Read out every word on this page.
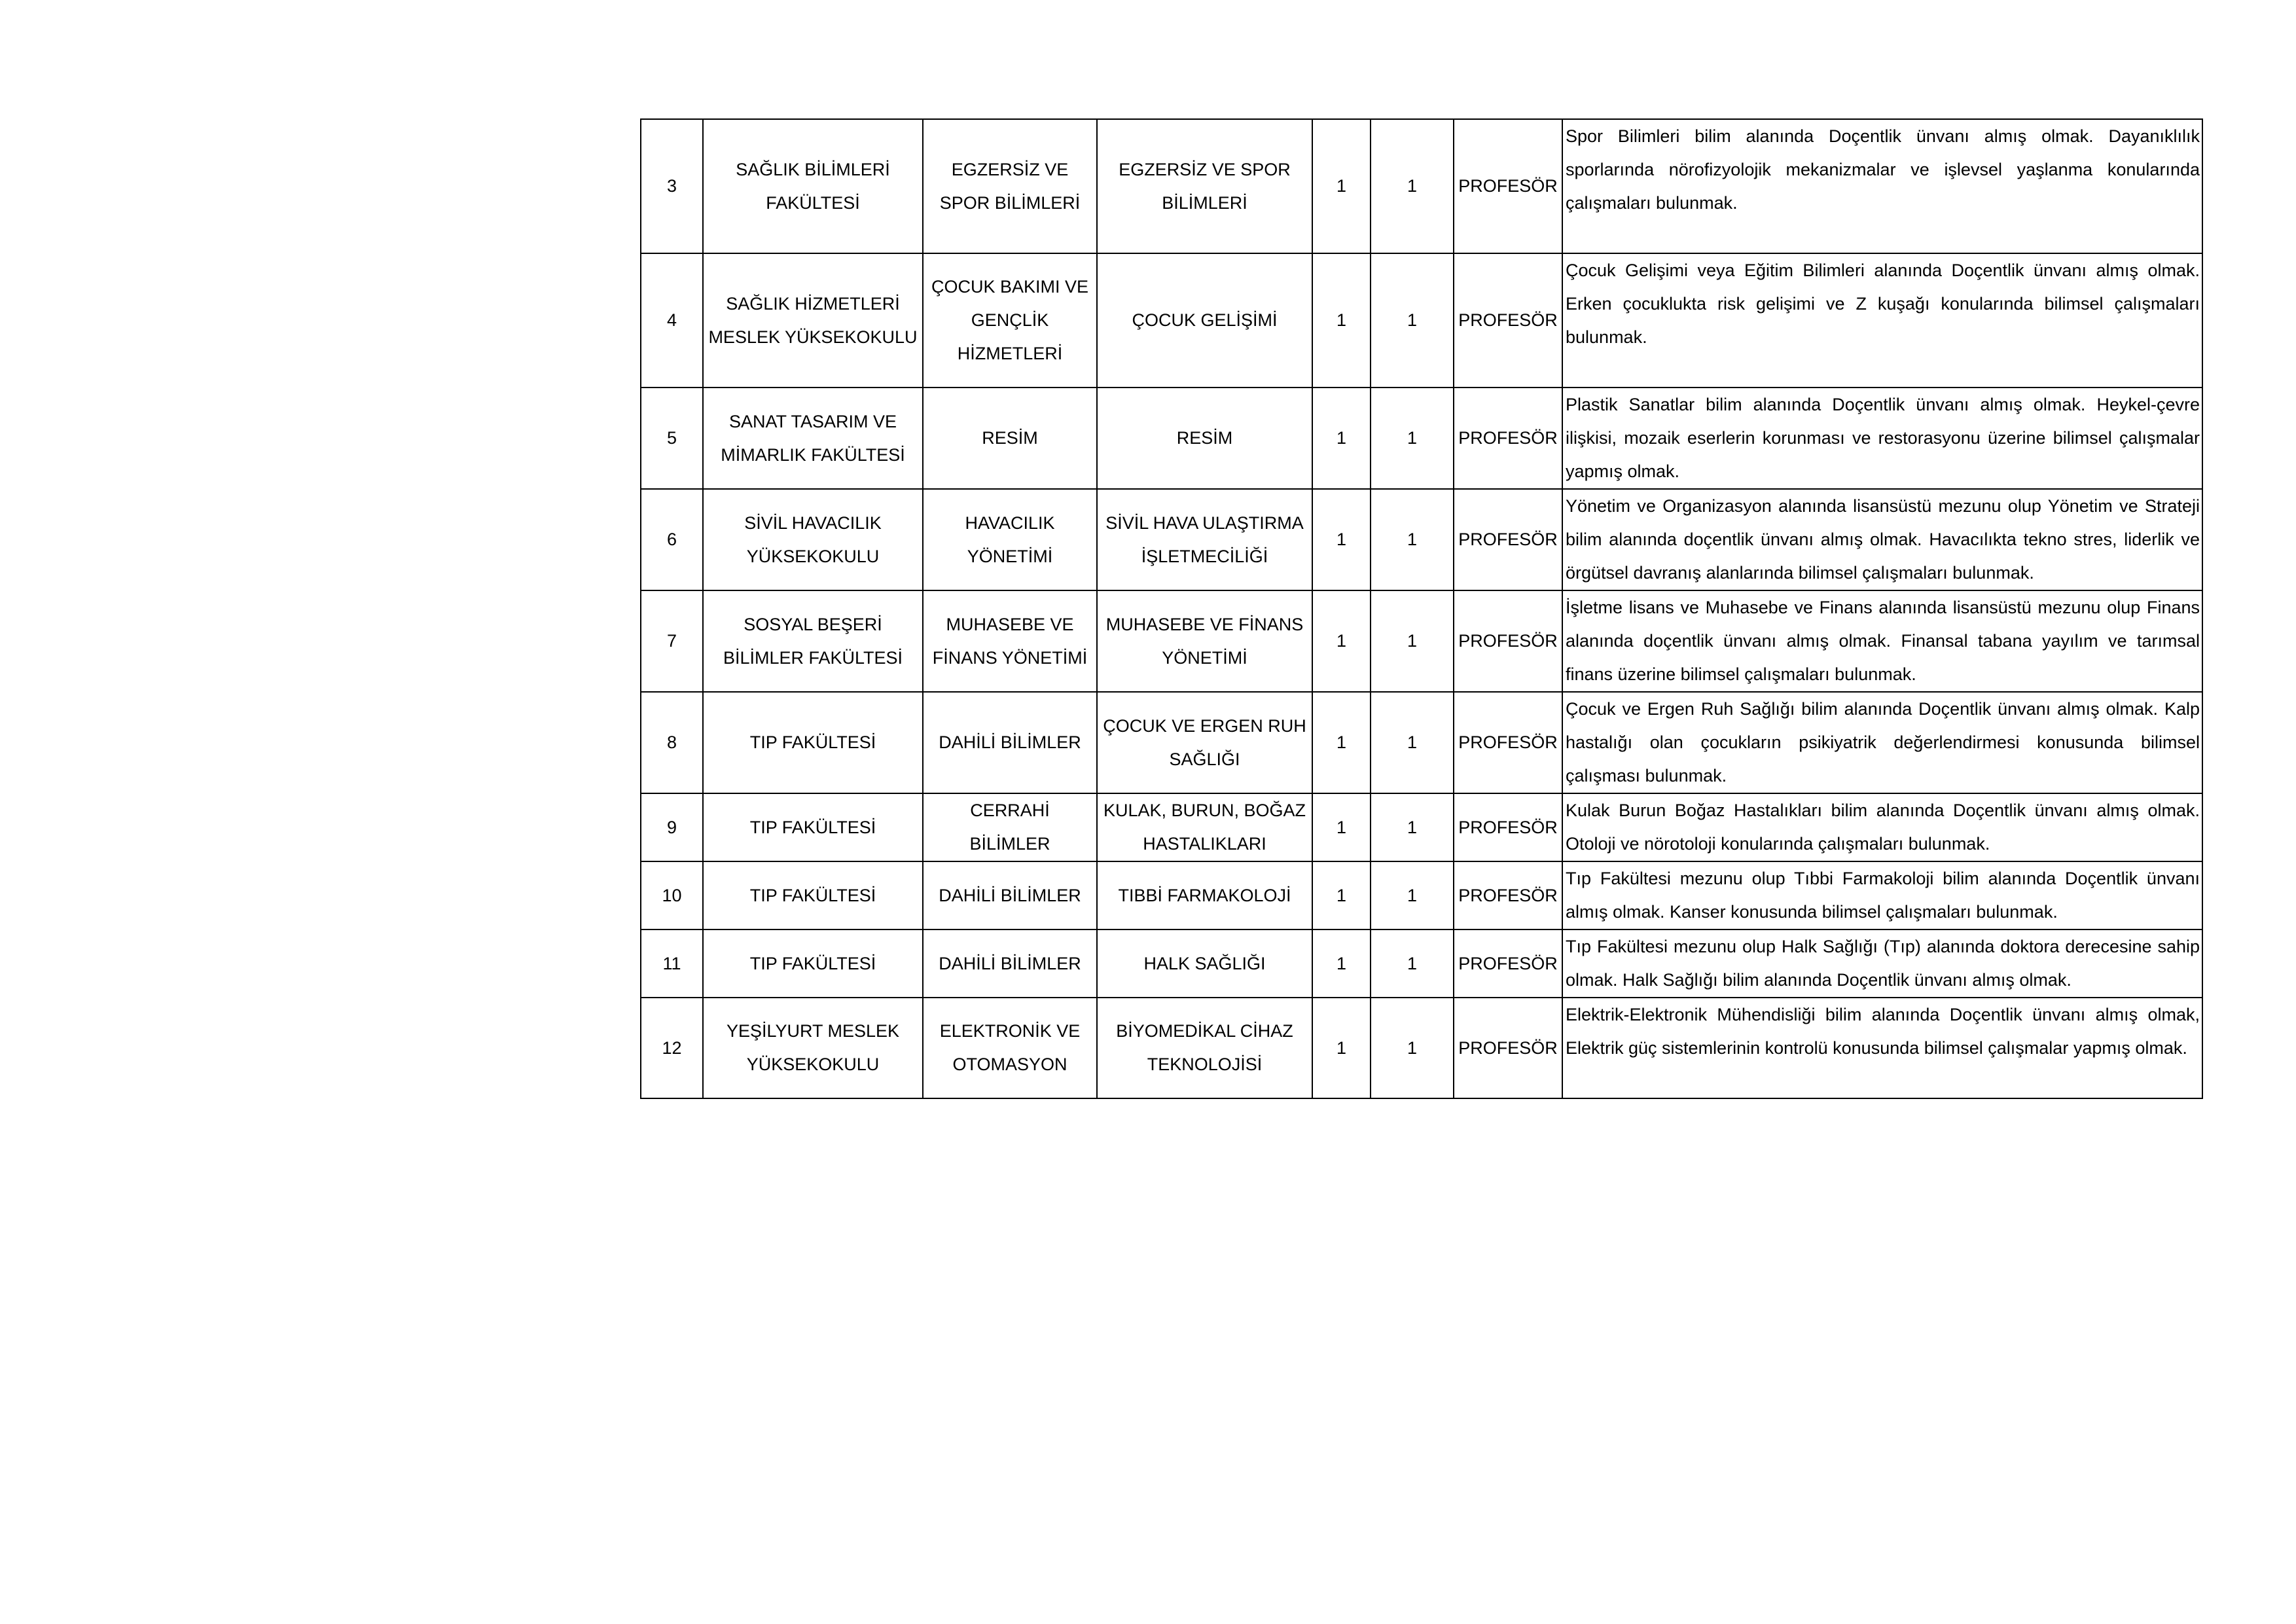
3	SAĞLIK BİLİMLERİ FAKÜLTESİ	EGZERSİZ VE SPOR BİLİMLERİ	EGZERSİZ VE SPOR BİLİMLERİ	1	1	PROFESÖR	Spor Bilimleri bilim alanında Doçentlik ünvanı almış olmak. Dayanıklılık sporlarında nörofizyolojik mekanizmalar ve işlevsel yaşlanma konularında çalışmaları bulunmak.

4	SAĞLIK HİZMETLERİ MESLEK YÜKSEKOKULU	ÇOCUK BAKIMI VE GENÇLİK HİZMETLERİ	ÇOCUK GELİŞİMİ	1	1	PROFESÖR	Çocuk Gelişimi veya Eğitim Bilimleri alanında Doçentlik ünvanı almış olmak. Erken çocuklukta risk gelişimi ve Z kuşağı konularında bilimsel çalışmaları bulunmak.

5	SANAT TASARIM VE MİMARLIK FAKÜLTESİ	RESİM	RESİM	1	1	PROFESÖR	Plastik Sanatlar bilim alanında Doçentlik ünvanı almış olmak. Heykel-çevre ilişkisi, mozaik eserlerin korunması ve restorasyonu üzerine bilimsel çalışmalar yapmış olmak.

6	SİVİL HAVACILIK YÜKSEKOKULU	HAVACILIK YÖNETİMİ	SİVİL HAVA ULAŞTIRMA İŞLETMECİLİĞİ	1	1	PROFESÖR	Yönetim ve Organizasyon alanında lisansüstü mezunu olup Yönetim ve Strateji bilim alanında doçentlik ünvanı almış olmak. Havacılıkta tekno stres, liderlik ve örgütsel davranış alanlarında bilimsel çalışmaları bulunmak.

7	SOSYAL BEŞERİ BİLİMLER FAKÜLTESİ	MUHASEBE VE FİNANS YÖNETİMİ	MUHASEBE VE FİNANS YÖNETİMİ	1	1	PROFESÖR	İşletme lisans ve Muhasebe ve Finans alanında lisansüstü mezunu olup Finans alanında doçentlik ünvanı almış olmak. Finansal tabana yayılım ve tarımsal finans üzerine bilimsel çalışmaları bulunmak.

8	TIP FAKÜLTESİ	DAHİLİ BİLİMLER	ÇOCUK VE ERGEN RUH SAĞLIĞI	1	1	PROFESÖR	Çocuk ve Ergen Ruh Sağlığı bilim alanında Doçentlik ünvanı almış olmak. Kalp hastalığı olan çocukların psikiyatrik değerlendirmesi konusunda bilimsel çalışması bulunmak.

9	TIP FAKÜLTESİ	CERRAHİ BİLİMLER	KULAK, BURUN, BOĞAZ HASTALIKLARI	1	1	PROFESÖR	Kulak Burun Boğaz Hastalıkları bilim alanında Doçentlik ünvanı almış olmak. Otoloji ve nörotoloji konularında çalışmaları bulunmak.

10	TIP FAKÜLTESİ	DAHİLİ BİLİMLER	TIBBİ FARMAKOLOJİ	1	1	PROFESÖR	Tıp Fakültesi mezunu olup Tıbbi Farmakoloji bilim alanında Doçentlik ünvanı almış olmak. Kanser konusunda bilimsel çalışmaları bulunmak.

11	TIP FAKÜLTESİ	DAHİLİ BİLİMLER	HALK SAĞLIĞI	1	1	PROFESÖR	Tıp Fakültesi mezunu olup Halk Sağlığı (Tıp) alanında doktora derecesine sahip olmak. Halk Sağlığı bilim alanında Doçentlik ünvanı almış olmak.

12	YEŞİLYURT MESLEK YÜKSEKOKULU	ELEKTRONİK VE OTOMASYON	BİYOMEDİKAL CİHAZ TEKNOLOJİSİ	1	1	PROFESÖR	Elektrik-Elektronik Mühendisliği bilim alanında Doçentlik ünvanı almış olmak, Elektrik güç sistemlerinin kontrolü konusunda bilimsel çalışmalar yapmış olmak.
